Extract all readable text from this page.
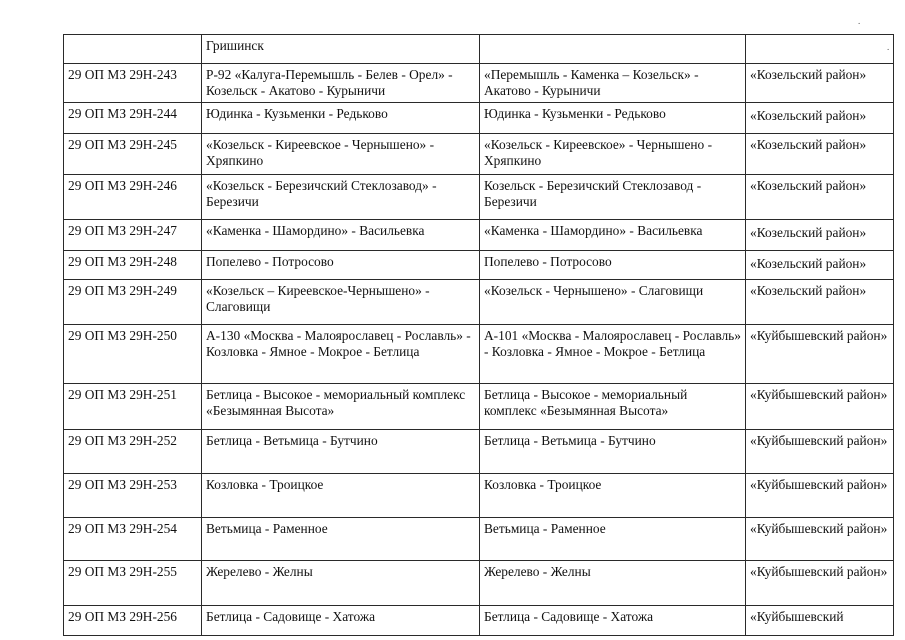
.
.
	Гришинск		
29 ОП МЗ 29Н-243	Р-92 «Калуга-Перемышль - Белев - Орел» - Козельск - Акатово - Курыничи	«Перемышль - Каменка – Козельск» - Акатово - Курыничи	«Козельский район»
29 ОП МЗ 29Н-244	Юдинка - Кузьменки - Редьково	Юдинка - Кузьменки - Редьково	«Козельский район»
29 ОП МЗ 29Н-245	«Козельск - Киреевское - Чернышено» - Хряпкино	«Козельск - Киреевское» - Чернышено - Хряпкино	«Козельский район»
29 ОП МЗ 29Н-246	«Козельск - Березичский Стеклозавод» - Березичи	Козельск - Березичский Стеклозавод - Березичи	«Козельский район»
29 ОП МЗ 29Н-247	«Каменка - Шамордино» - Васильевка	«Каменка - Шамордино» - Васильевка	«Козельский район»
29 ОП МЗ 29Н-248	Попелево - Потросово	Попелево - Потросово	«Козельский район»
29 ОП МЗ 29Н-249	«Козельск – Киреевское-Чернышено» - Слаговищи	«Козельск - Чернышено» - Слаговищи	«Козельский район»
29 ОП МЗ 29Н-250	А-130 «Москва - Малоярославец - Рославль» - Козловка - Ямное - Мокрое - Бетлица	А-101 «Москва - Малоярославец - Рославль» - Козловка - Ямное - Мокрое - Бетлица	«Куйбышевский район»
29 ОП МЗ 29Н-251	Бетлица - Высокое - мемориальный комплекс «Безымянная Высота»	Бетлица - Высокое - мемориальный комплекс «Безымянная Высота»	«Куйбышевский район»
29 ОП МЗ 29Н-252	Бетлица - Ветьмица - Бутчино	Бетлица - Ветьмица - Бутчино	«Куйбышевский район»
29 ОП МЗ 29Н-253	Козловка - Троицкое	Козловка - Троицкое	«Куйбышевский район»
29 ОП МЗ 29Н-254	Ветьмица - Раменное	Ветьмица - Раменное	«Куйбышевский район»
29 ОП МЗ 29Н-255	Жерелево - Желны	Жерелево - Желны	«Куйбышевский район»
29 ОП МЗ 29Н-256	Бетлица - Садовище - Хатожа	Бетлица - Садовище - Хатожа	«Куйбышевский
